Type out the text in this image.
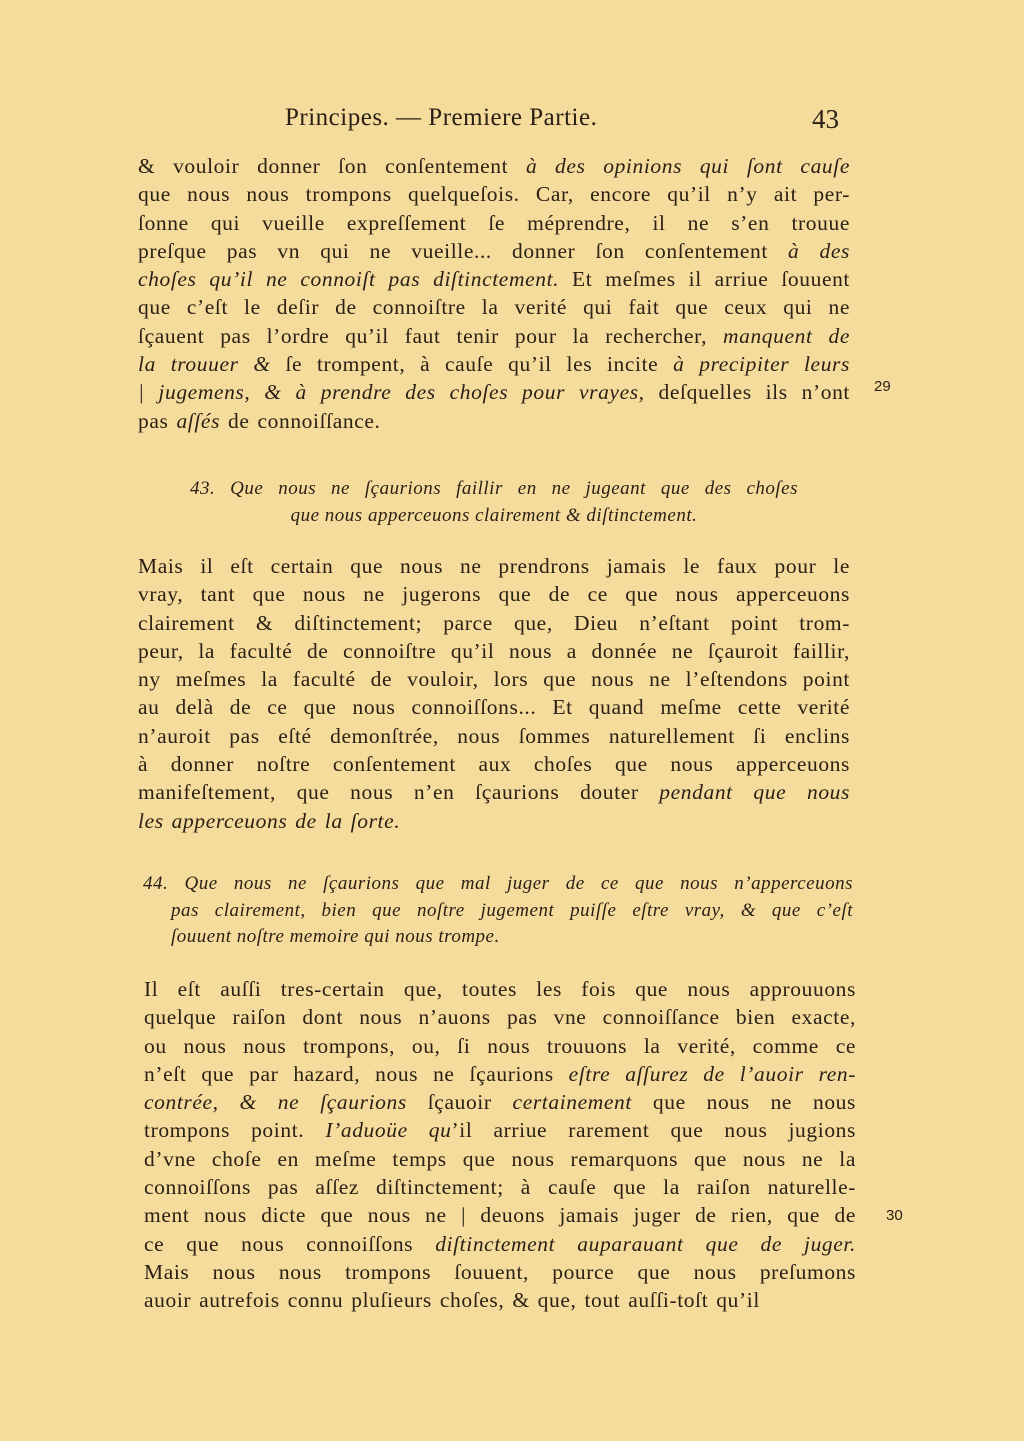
Principes. — Premiere Partie.	43
& vouloir donner ſon conſentement à des opinions qui ſont cauſe
que nous nous trompons quelqueſois. Car, encore qu’il n’y ait per-
ſonne qui vueille expreſſement ſe méprendre, il ne s’en trouue
preſque pas vn qui ne vueille... donner ſon conſentement à des
choſes qu’il ne connoiſt pas diſtinctement. Et meſmes il arriue ſouuent
que c’eſt le deſir de connoiſtre la verité qui fait que ceux qui ne
ſçauent pas l’ordre qu’il faut tenir pour la rechercher, manquent de
la trouuer & ſe trompent, à cauſe qu’il les incite à precipiter leurs
| jugemens, & à prendre des choſes pour vrayes, deſquelles ils n’ont
pas aſſés de connoiſſance.
29
43. Que nous ne ſçaurions faillir en ne jugeant que des choſes
que nous apperceuons clairement & diſtinctement.
Mais il eſt certain que nous ne prendrons jamais le faux pour le
vray, tant que nous ne jugerons que de ce que nous apperceuons
clairement & diſtinctement; parce que, Dieu n’eſtant point trom-
peur, la faculté de connoiſtre qu’il nous a donnée ne ſçauroit faillir,
ny meſmes la faculté de vouloir, lors que nous ne l’eſtendons point
au delà de ce que nous connoiſſons... Et quand meſme cette verité
n’auroit pas eſté demonſtrée, nous ſommes naturellement ſi enclins
à donner noſtre conſentement aux choſes que nous apperceuons
manifeſtement, que nous n’en ſçaurions douter pendant que nous
les apperceuons de la ſorte.
44. Que nous ne ſçaurions que mal juger de ce que nous n’apperceuons
pas clairement, bien que noſtre jugement puiſſe eſtre vray, & que c’eſt
ſouuent noſtre memoire qui nous trompe.
Il eſt auſſi tres-certain que, toutes les fois que nous approuuons
quelque raiſon dont nous n’auons pas vne connoiſſance bien exacte,
ou nous nous trompons, ou, ſi nous trouuons la verité, comme ce
n’eſt que par hazard, nous ne ſçaurions eſtre aſſurez de l’auoir ren-
contrée, & ne ſçaurions ſçauoir certainement que nous ne nous
trompons point. I’aduoüe qu’il arriue rarement que nous jugions
d’vne choſe en meſme temps que nous remarquons que nous ne la
connoiſſons pas aſſez diſtinctement; à cauſe que la raiſon naturelle-
ment nous dicte que nous ne | deuons jamais juger de rien, que de
ce que nous connoiſſons diſtinctement auparauant que de juger.
Mais nous nous trompons ſouuent, pource que nous preſumons
auoir autrefois connu pluſieurs choſes, & que, tout auſſi-toſt qu’il
30
